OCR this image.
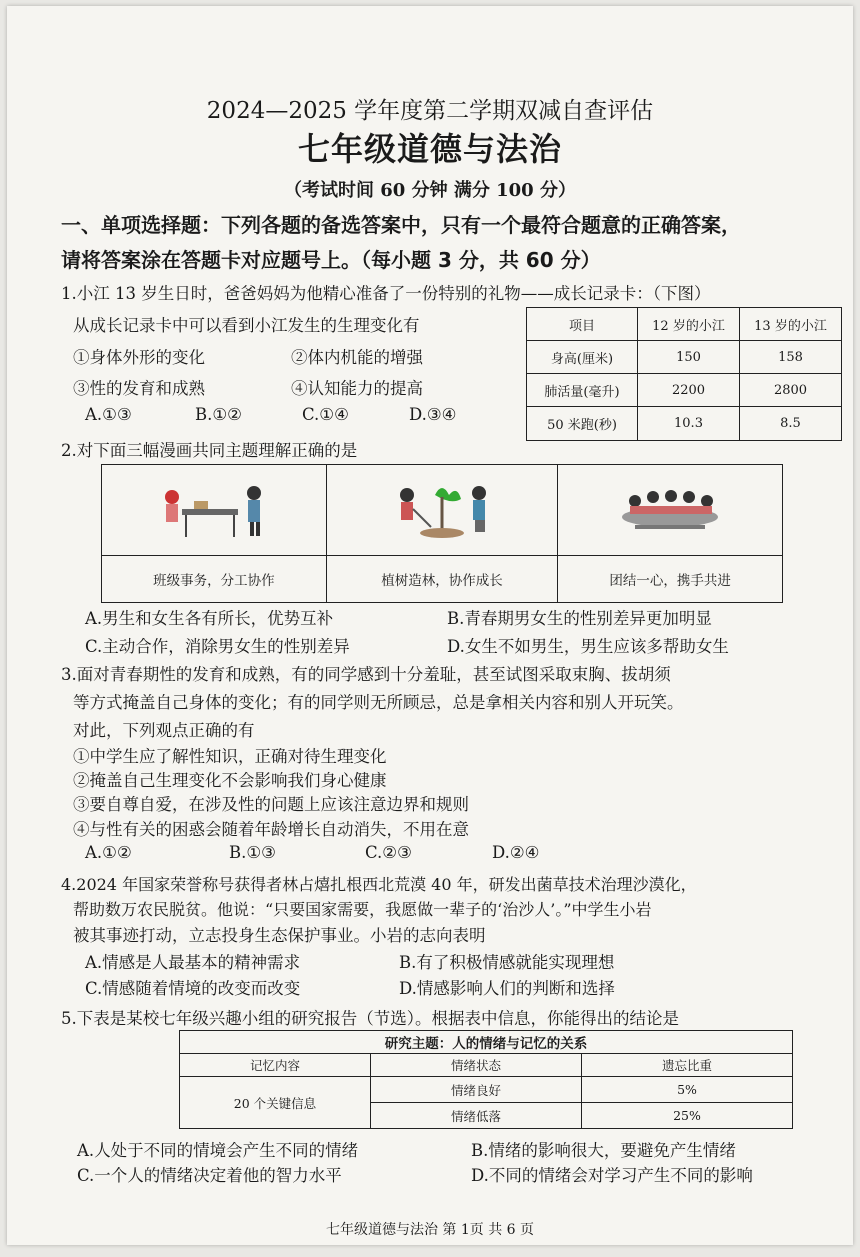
2024—2025 学年度第二学期双减自查评估
七年级道德与法治
（考试时间 60 分钟 满分 100 分）
一、单项选择题：下列各题的备选答案中，只有一个最符合题意的正确答案，
请将答案涂在答题卡对应题号上。（每小题 3 分，共 60 分）
1.小江 13 岁生日时，爸爸妈妈为他精心准备了一份特别的礼物——成长记录卡：（下图）
从成长记录卡中可以看到小江发生的生理变化有
①身体外形的变化	②体内机能的增强
③性的发育和成熟	④认知能力的提高
A.①③	B.①②	C.①④	D.③④
项目	12 岁的小江	13 岁的小江
身高(厘米)	150	158
肺活量(毫升)	2200	2800
50 米跑(秒)	10.3	8.5
2.对下面三幅漫画共同主题理解正确的是

班级事务，分工协作	植树造林，协作成长	团结一心，携手共进
A.男生和女生各有所长，优势互补	B.青春期男女生的性别差异更加明显
C.主动合作，消除男女生的性别差异	D.女生不如男生，男生应该多帮助女生
3.面对青春期性的发育和成熟，有的同学感到十分羞耻，甚至试图采取束胸、拔胡须
等方式掩盖自己身体的变化；有的同学则无所顾忌，总是拿相关内容和别人开玩笑。
对此，下列观点正确的有
①中学生应了解性知识，正确对待生理变化
②掩盖自己生理变化不会影响我们身心健康
③要自尊自爱，在涉及性的问题上应该注意边界和规则
④与性有关的困惑会随着年龄增长自动消失，不用在意
A.①②	B.①③	C.②③	D.②④
4.2024 年国家荣誉称号获得者林占熺扎根西北荒漠 40 年，研发出菌草技术治理沙漠化，
帮助数万农民脱贫。他说：“只要国家需要，我愿做一辈子的‘治沙人’。”中学生小岩
被其事迹打动，立志投身生态保护事业。小岩的志向表明
A.情感是人最基本的精神需求	B.有了积极情感就能实现理想
C.情感随着情境的改变而改变	D.情感影响人们的判断和选择
5.下表是某校七年级兴趣小组的研究报告（节选）。根据表中信息，你能得出的结论是
研究主题：人的情绪与记忆的关系		
记忆内容	情绪状态	遗忘比重
20 个关键信息	情绪良好	5%
	情绪低落	25%
A.人处于不同的情境会产生不同的情绪	B.情绪的影响很大，要避免产生情绪
C.一个人的情绪决定着他的智力水平	D.不同的情绪会对学习产生不同的影响
七年级道德与法治 第 1页 共 6 页
